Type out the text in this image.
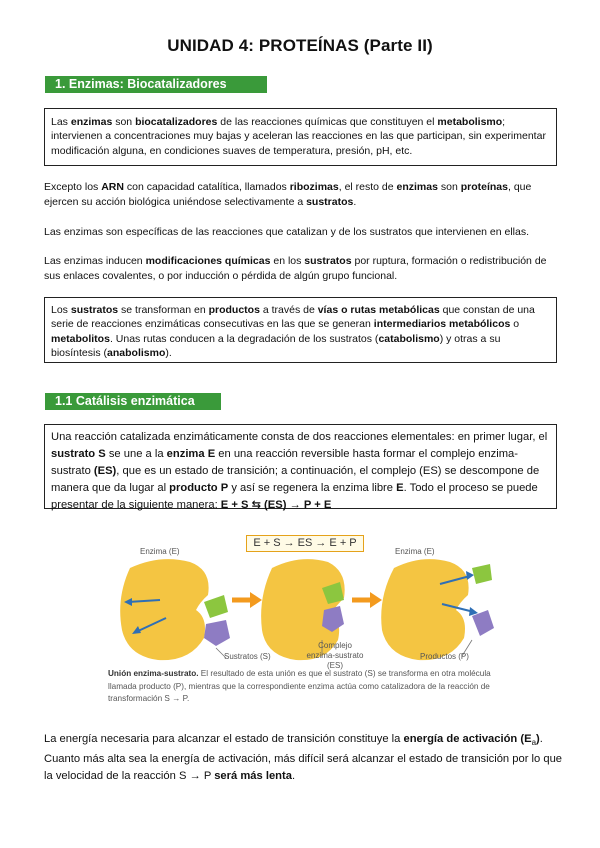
UNIDAD 4: PROTEÍNAS (Parte II)
1. Enzimas: Biocatalizadores
Las enzimas son biocatalizadores de las reacciones químicas que constituyen el metabolismo; intervienen a concentraciones muy bajas y aceleran las reacciones en las que participan, sin experimentar modificación alguna, en condiciones suaves de temperatura, presión, pH, etc.
Excepto los ARN con capacidad catalítica, llamados ribozimas, el resto de enzimas son proteínas, que ejercen su acción biológica uniéndose selectivamente a sustratos.
Las enzimas son específicas de las reacciones que catalizan y de los sustratos que intervienen en ellas.
Las enzimas inducen modificaciones químicas en los sustratos por ruptura, formación o redistribución de sus enlaces covalentes, o por inducción o pérdida de algún grupo funcional.
Los sustratos se transforman en productos a través de vías o rutas metabólicas que constan de una serie de reacciones enzimáticas consecutivas en las que se generan intermediarios metabólicos o metabolitos. Unas rutas conducen a la degradación de los sustratos (catabolismo) y otras a su biosíntesis (anabolismo).
1.1 Catálisis enzimática
Una reacción catalizada enzimáticamente consta de dos reacciones elementales: en primer lugar, el sustrato S se une a la enzima E en una reacción reversible hasta formar el complejo enzima-sustrato (ES), que es un estado de transición; a continuación, el complejo (ES) se descompone de manera que da lugar al producto P y así se regenera la enzima libre E. Todo el proceso se puede presentar de la siguiente manera: E + S ⇆ (ES) → P + E
E + S → ES → E + P
Enzima (E)	Enzima (E)
Sustratos (S)
Complejo
enzima-sustrato (ES)
Productos (P)
Unión enzima-sustrato. El resultado de esta unión es que el sustrato (S) se transforma en otra molécula llamada producto (P), mientras que la correspondiente enzima actúa como catalizadora de la reacción de transformación S → P.
La energía necesaria para alcanzar el estado de transición constituye la energía de activación $(E_a)$. Cuanto más alta sea la energía de activación, más difícil será alcanzar el estado de transición por lo que la velocidad de la reacción S → P será más lenta.
